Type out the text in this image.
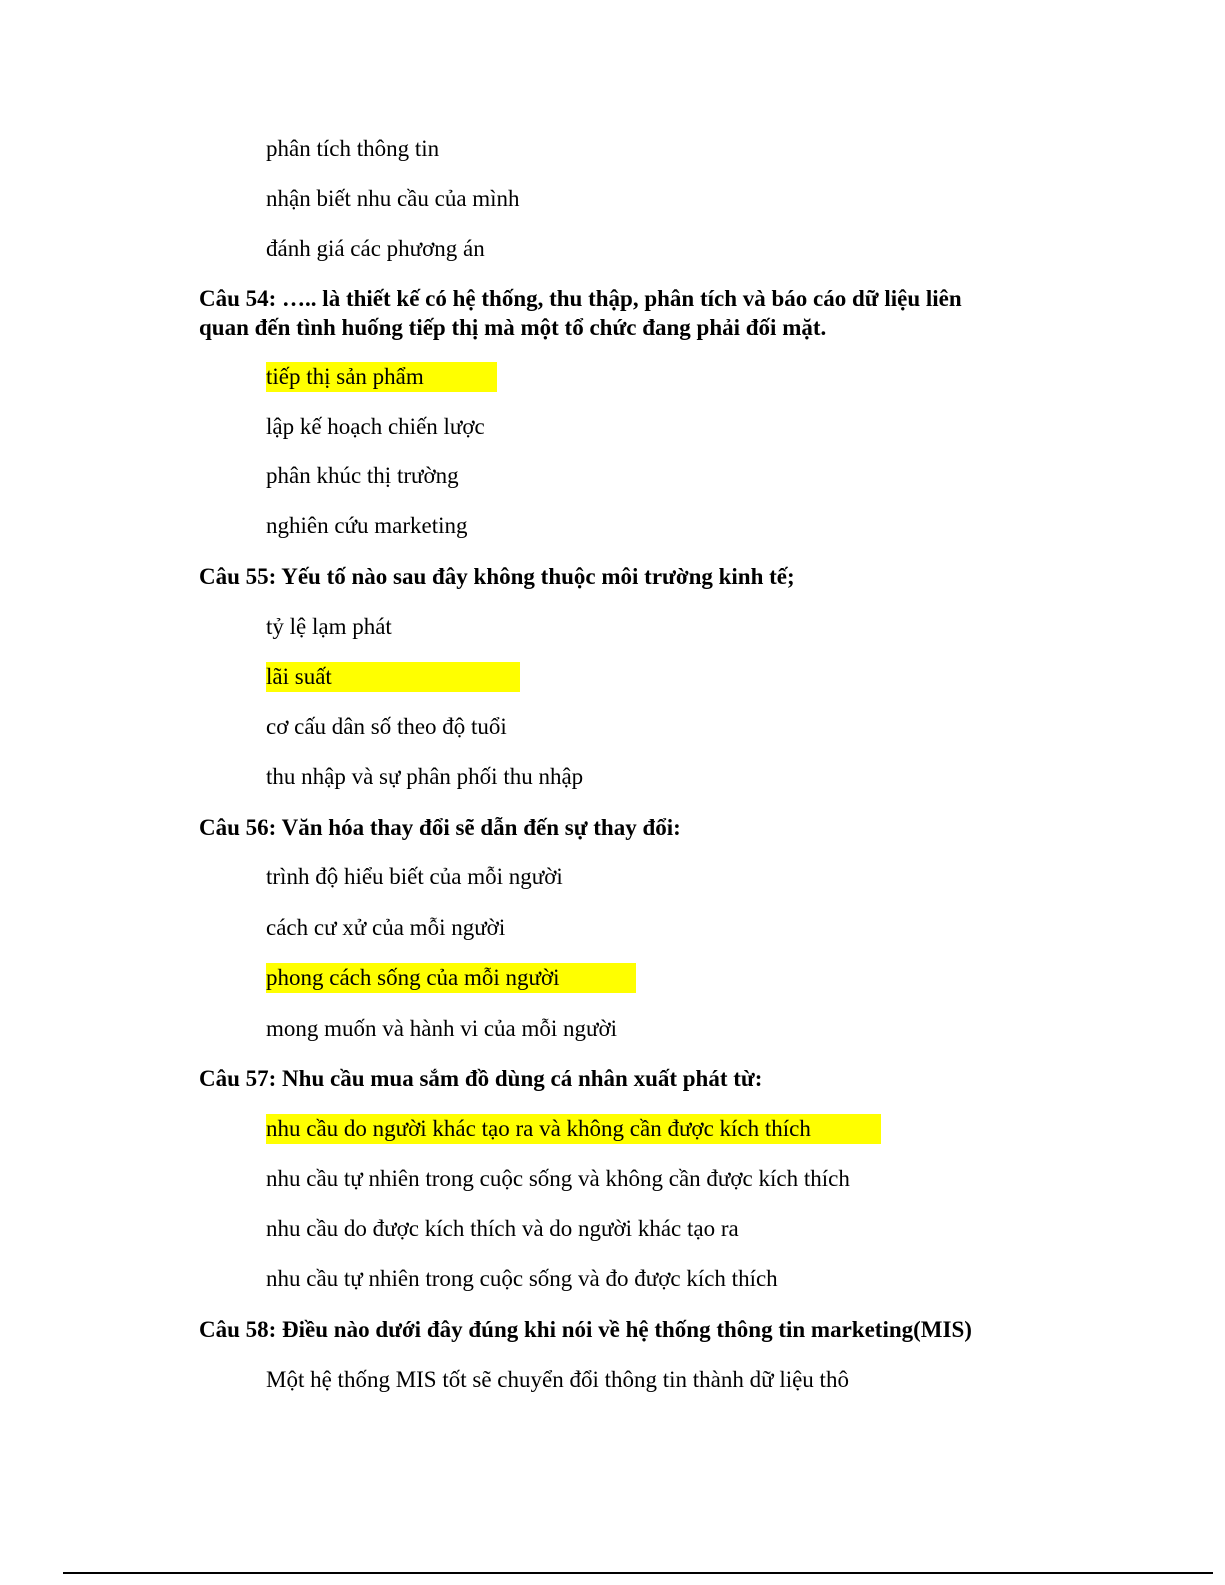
phân tích thông tin
nhận biết nhu cầu của mình
đánh giá các phương án
Câu 54: ….. là thiết kế có hệ thống, thu thập, phân tích và báo cáo dữ liệu liên
quan đến tình huống tiếp thị mà một tổ chức đang phải đối mặt.
tiếp thị sản phẩm
lập kế hoạch chiến lược
phân khúc thị trường
nghiên cứu marketing
Câu 55: Yếu tố nào sau đây không thuộc môi trường kinh tế;
tỷ lệ lạm phát
lãi suất
cơ cấu dân số theo độ tuổi
thu nhập và sự phân phối thu nhập
Câu 56: Văn hóa thay đổi sẽ dẫn đến sự thay đổi:
trình độ hiểu biết của mỗi người
cách cư xử của mỗi người
phong cách sống của mỗi người
mong muốn và hành vi của mỗi người
Câu 57: Nhu cầu mua sắm đồ dùng cá nhân xuất phát từ:
nhu cầu do người khác tạo ra và không cần được kích thích
nhu cầu tự nhiên trong cuộc sống và không cần được kích thích
nhu cầu do được kích thích và do người khác tạo ra
nhu cầu tự nhiên trong cuộc sống và đo được kích thích
Câu 58: Điều nào dưới đây đúng khi nói về hệ thống thông tin marketing(MIS)
Một hệ thống MIS tốt sẽ chuyển đổi thông tin thành dữ liệu thô
